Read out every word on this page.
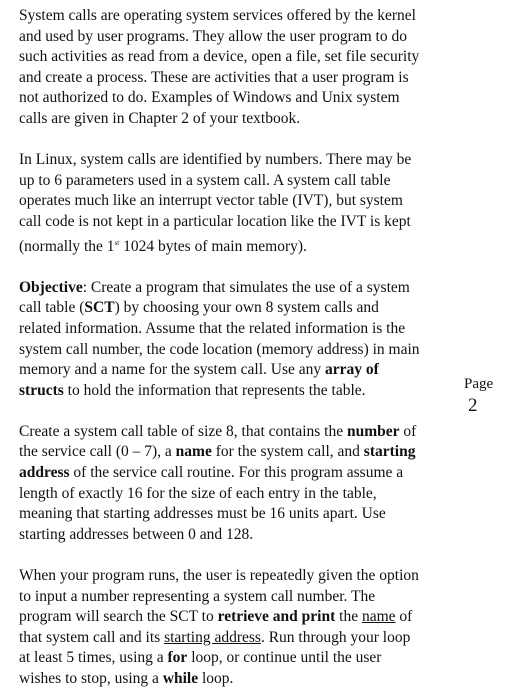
System calls are operating system services offered by the kernel
and used by user programs. They allow the user program to do
such activities as read from a device, open a file, set file security
and create a process. These are activities that a user program is
not authorized to do. Examples of Windows and Unix system
calls are given in Chapter 2 of your textbook.

In Linux, system calls are identified by numbers. There may be
up to 6 parameters used in a system call. A system call table
operates much like an interrupt vector table (IVT), but system
call code is not kept in a particular location like the IVT is kept
(normally the 1st 1024 bytes of main memory).

Objective: Create a program that simulates the use of a system
call table (SCT) by choosing your own 8 system calls and
related information. Assume that the related information is the
system call number, the code location (memory address) in main
memory and a name for the system call. Use any array of
structs to hold the information that represents the table.

Create a system call table of size 8, that contains the number of
the service call (0 – 7), a name for the system call, and starting
address of the service call routine. For this program assume a
length of exactly 16 for the size of each entry in the table,
meaning that starting addresses must be 16 units apart. Use
starting addresses between 0 and 128.

When your program runs, the user is repeatedly given the option
to input a number representing a system call number. The
program will search the SCT to retrieve and print the name of
that system call and its starting address. Run through your loop
at least 5 times, using a for loop, or continue until the user
wishes to stop, using a while loop.

Page
2
